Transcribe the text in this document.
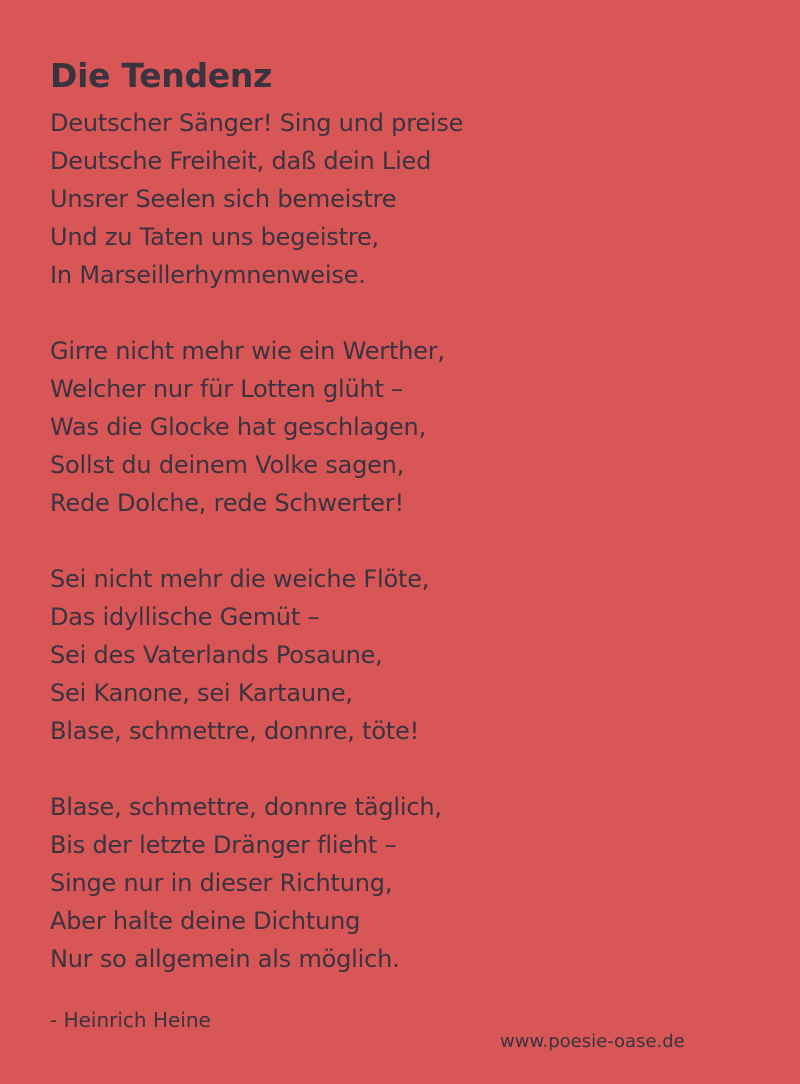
Die Tendenz
Deutscher Sänger! Sing und preise
Deutsche Freiheit, daß dein Lied
Unsrer Seelen sich bemeistre
Und zu Taten uns begeistre,
In Marseillerhymnenweise.
Girre nicht mehr wie ein Werther,
Welcher nur für Lotten glüht –
Was die Glocke hat geschlagen,
Sollst du deinem Volke sagen,
Rede Dolche, rede Schwerter!
Sei nicht mehr die weiche Flöte,
Das idyllische Gemüt –
Sei des Vaterlands Posaune,
Sei Kanone, sei Kartaune,
Blase, schmettre, donnre, töte!
Blase, schmettre, donnre täglich,
Bis der letzte Dränger flieht –
Singe nur in dieser Richtung,
Aber halte deine Dichtung
Nur so allgemein als möglich.
- Heinrich Heine
www.poesie-oase.de
